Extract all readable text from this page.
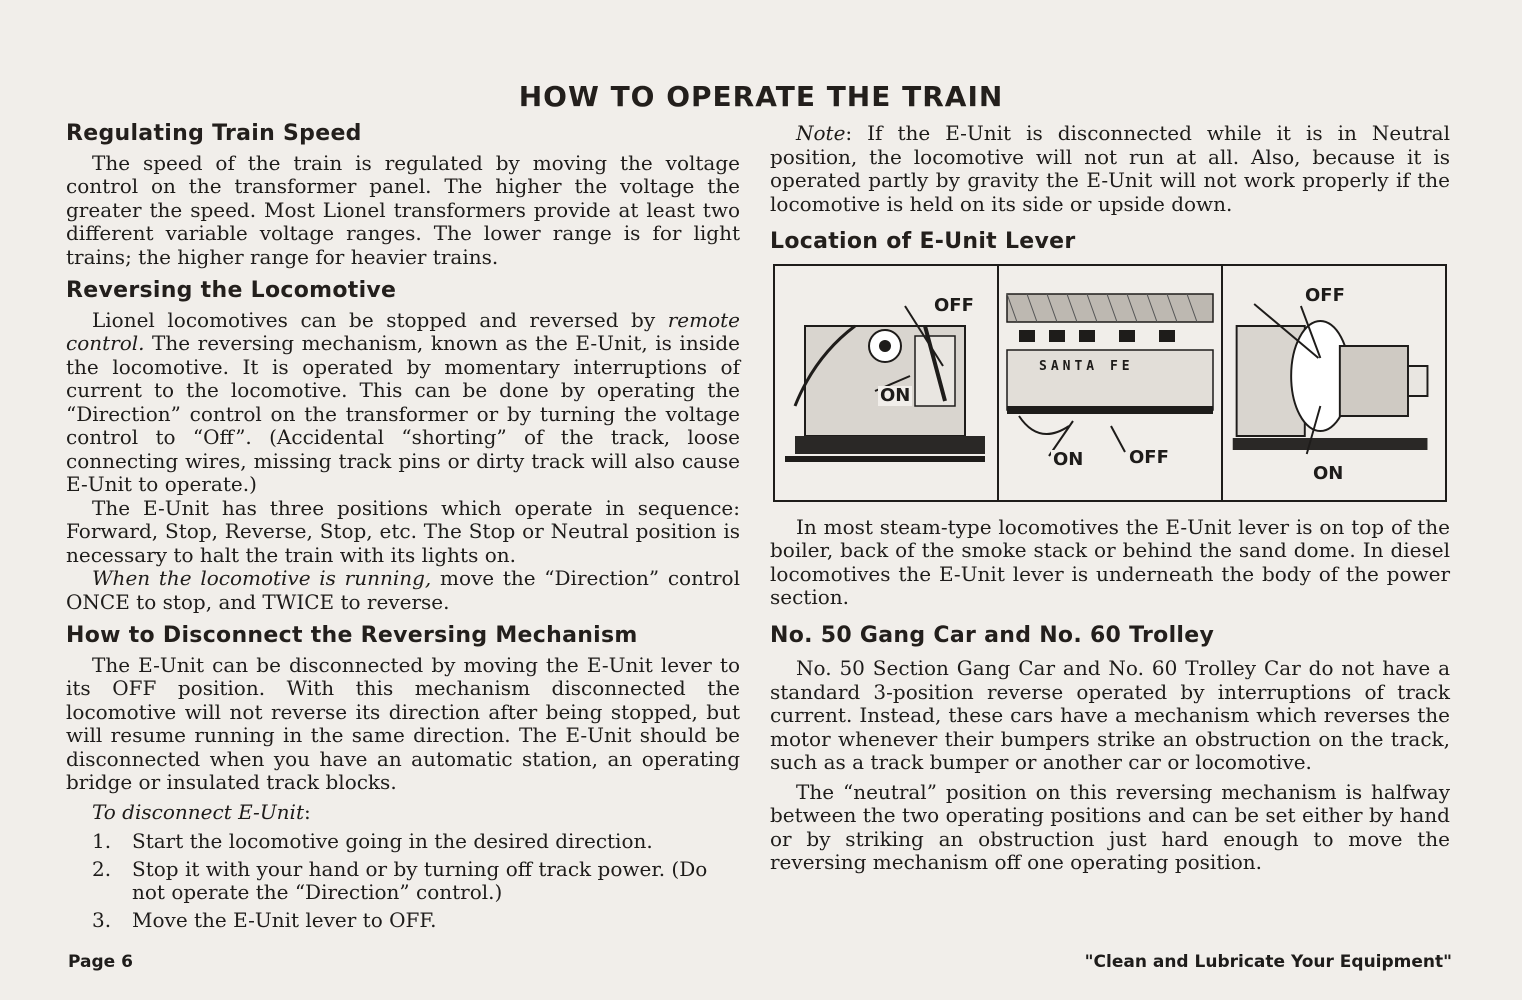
HOW TO OPERATE THE TRAIN
Regulating Train Speed

The speed of the train is regulated by moving the voltage control on the transformer panel. The higher the voltage the greater the speed. Most Lionel transformers provide at least two different variable voltage ranges. The lower range is for light trains; the higher range for heavier trains.

Reversing the Locomotive

Lionel locomotives can be stopped and reversed by remote control. The reversing mechanism, known as the E-Unit, is inside the locomotive. It is operated by momentary interruptions of current to the locomotive. This can be done by operating the “Direction” control on the transformer or by turning the voltage control to “Off”. (Accidental “shorting” of the track, loose connecting wires, missing track pins or dirty track will also cause E-Unit to operate.)

The E-Unit has three positions which operate in sequence: Forward, Stop, Reverse, Stop, etc. The Stop or Neutral position is necessary to halt the train with its lights on.

When the locomotive is running, move the “Direction” control ONCE to stop, and TWICE to reverse.

How to Disconnect the Reversing Mechanism

The E-Unit can be disconnected by moving the E-Unit lever to its OFF position. With this mechanism disconnected the locomotive will not reverse its direction after being stopped, but will resume running in the same direction. The E-Unit should be disconnected when you have an automatic station, an operating bridge or insulated track blocks.

To disconnect E-Unit:

1.	Start the locomotive going in the desired direction.
2.	Stop it with your hand or by turning off track power. (Do not operate the “Direction” control.)
3.	Move the E-Unit lever to OFF.

Note: If the E-Unit is disconnected while it is in Neutral position, the locomotive will not run at all. Also, because it is operated partly by gravity the E-Unit will not work properly if the locomotive is held on its side or upside down.

Location of E-Unit Lever
OFF
ON
SANTA FE
ON	OFF
OFF
ON

In most steam-type locomotives the E-Unit lever is on top of the boiler, back of the smoke stack or behind the sand dome. In diesel locomotives the E-Unit lever is underneath the body of the power section.

No. 50 Gang Car and No. 60 Trolley

No. 50 Section Gang Car and No. 60 Trolley Car do not have a standard 3-position reverse operated by interruptions of track current. Instead, these cars have a mechanism which reverses the motor whenever their bumpers strike an obstruction on the track, such as a track bumper or another car or locomotive.

The “neutral” position on this reversing mechanism is halfway between the two operating positions and can be set either by hand or by striking an obstruction just hard enough to move the reversing mechanism off one operating position.

Page 6	"Clean and Lubricate Your Equipment"
